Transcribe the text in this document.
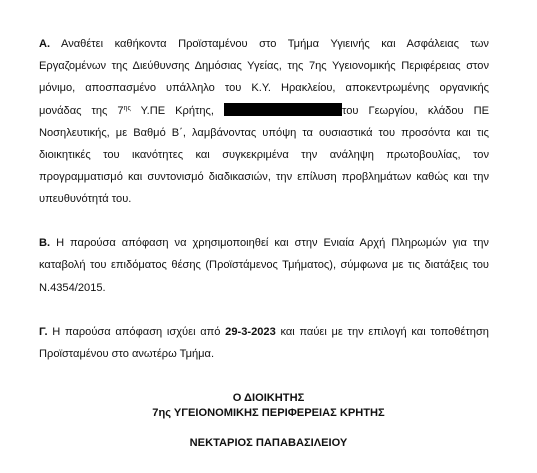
Α. Αναθέτει καθήκοντα Προϊσταμένου στο Τμήμα Υγιεινής και Ασφάλειας των
Εργαζομένων της Διεύθυνσης Δημόσιας Υγείας, της 7ης Υγειονομικής Περιφέρειας στον
μόνιμο, αποσπασμένο υπάλληλο του Κ.Υ. Ηρακλείου, αποκεντρωμένης οργανικής
μονάδας της $7^{\eta\varsigma}$ Υ.ΠΕ Κρήτης,	του Γεωργίου, κλάδου ΠΕ
Νοσηλευτικής, με Βαθμό Β΄, λαμβάνοντας υπόψη τα ουσιαστικά του προσόντα και τις
διοικητικές του ικανότητες και συγκεκριμένα την ανάληψη πρωτοβουλίας, τον
προγραμματισμό και συντονισμό διαδικασιών, την επίλυση προβλημάτων καθώς και την
υπευθυνότητά του.
Β. Η παρούσα απόφαση να χρησιμοποιηθεί και στην Ενιαία Αρχή Πληρωμών για την
καταβολή του επιδόματος θέσης (Προϊστάμενος Τμήματος), σύμφωνα με τις διατάξεις του
Ν.4354/2015.
Γ. Η παρούσα απόφαση ισχύει από 29-3-2023 και παύει με την επιλογή και τοποθέτηση
Προϊσταμένου στο ανωτέρω Τμήμα.
Ο ΔΙΟΙΚΗΤΗΣ
7ης ΥΓΕΙΟΝΟΜΙΚΗΣ ΠΕΡΙΦΕΡΕΙΑΣ ΚΡΗΤΗΣ
ΝΕΚΤΑΡΙΟΣ ΠΑΠΑΒΑΣΙΛΕΙΟΥ
